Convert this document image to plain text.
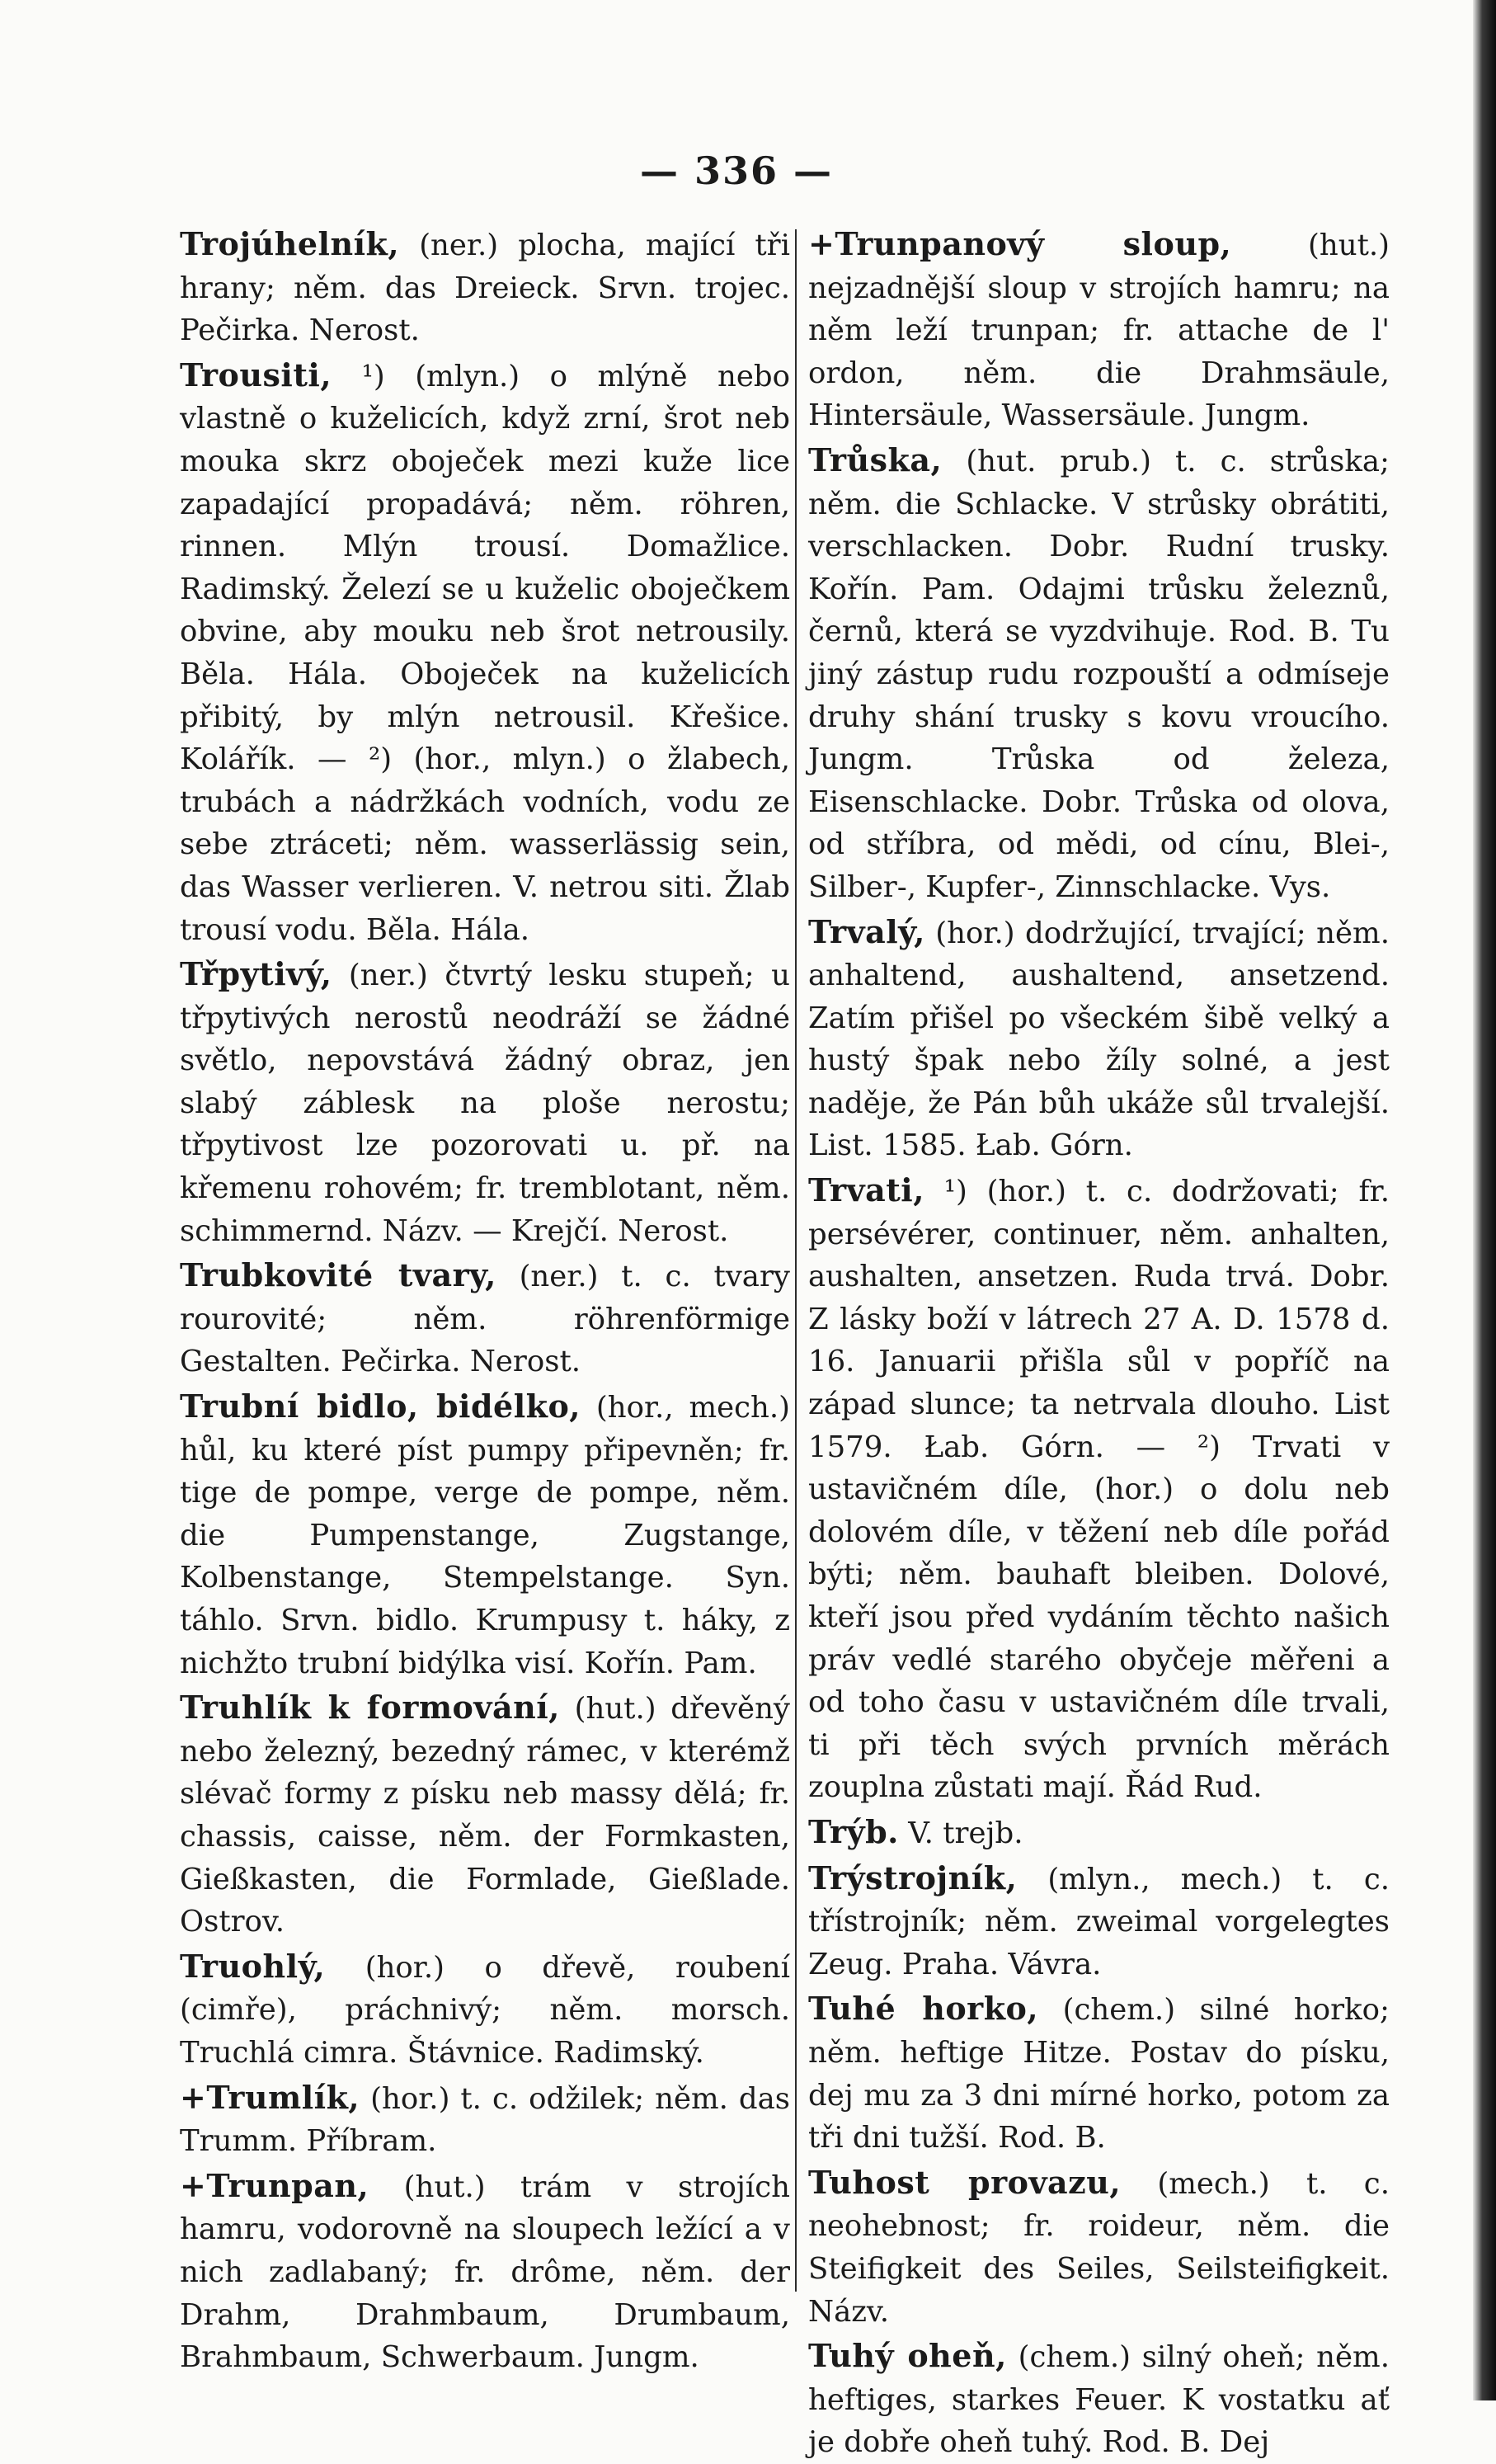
— 336 —

Trojúhelník, (ner.) plocha, mající tři hrany; něm. das Dreieck. Srvn. trojec. Pečirka. Nerost.

Trousiti, ¹) (mlyn.) o mlýně nebo vlastně o kuželicích, když zrní, šrot neb mouka skrz oboječek mezi kuže lice zapadající propadává; něm. röhren, rinnen. Mlýn trousí. Domažlice. Radimský. Železí se u kuželic oboječkem obvine, aby mouku neb šrot netrousily. Běla. Hála. Oboječek na kuželicích přibitý, by mlýn netrousil. Křešice. Kolářík. — ²) (hor., mlyn.) o žlabech, trubách a nádržkách vodních, vodu ze sebe ztráceti; něm. wasserlässig sein, das Wasser verlieren. V. netrou siti. Žlab trousí vodu. Běla. Hála.

Třpytivý, (ner.) čtvrtý lesku stupeň; u třpytivých nerostů neodráží se žádné světlo, nepovstává žádný obraz, jen slabý záblesk na ploše nerostu; třpytivost lze pozorovati u. př. na křemenu rohovém; fr. tremblotant, něm. schimmernd. Názv. — Krejčí. Nerost.

Trubkovité tvary, (ner.) t. c. tvary rourovité; něm. röhrenförmige Gestalten. Pečirka. Nerost.

Trubní bidlo, bidélko, (hor., mech.) hůl, ku které píst pumpy připevněn; fr. tige de pompe, verge de pompe, něm. die Pumpenstange, Zugstange, Kolbenstange, Stempelstange. Syn. táhlo. Srvn. bidlo. Krumpusy t. háky, z nichžto trubní bidýlka visí. Kořín. Pam.

Truhlík k formování, (hut.) dřevěný nebo železný, bezedný rámec, v kterémž slévač formy z písku neb massy dělá; fr. chassis, caisse, něm. der Formkasten, Gießkasten, die Formlade, Gießlade. Ostrov.

Truohlý, (hor.) o dřevě, roubení (cimře), práchnivý; něm. morsch. Truchlá cimra. Štávnice. Radimský.

+Trumlík, (hor.) t. c. odžilek; něm. das Trumm. Příbram.

+Trunpan, (hut.) trám v strojích hamru, vodorovně na sloupech ležící a v nich zadlabaný; fr. drôme, něm. der Drahm, Drahmbaum, Drumbaum, Brahmbaum, Schwerbaum. Jungm.

+Trunpanový sloup,	(hut.) nejzadnější sloup v strojích hamru; na něm leží trunpan; fr. attache de l' ordon, něm. die Drahmsäule, Hintersäule, Wassersäule. Jungm.

Trůska, (hut. prub.) t. c. strůska; něm. die Schlacke. V strůsky obrátiti, verschlacken. Dobr. Rudní trusky. Kořín. Pam. Odajmi trůsku železnů, černů, která se vyzdvihuje. Rod. B. Tu jiný zástup rudu rozpouští a odmíseje druhy shání trusky s kovu vroucího. Jungm. Trůska od železa, Eisenschlacke. Dobr. Trůska od olova, od stříbra, od mědi, od cínu, Blei-, Silber-, Kupfer-, Zinnschlacke. Vys.

Trvalý, (hor.) dodržující, trvající; něm. anhaltend, aushaltend, ansetzend. Zatím přišel po všeckém šibě velký a hustý špak nebo žíly solné, a jest naděje, že Pán bůh ukáže sůl trvalejší. List. 1585. Łab. Górn.

Trvati, ¹) (hor.) t. c. dodržovati; fr. persévérer, continuer, něm. anhalten, aushalten, ansetzen. Ruda trvá. Dobr. Z lásky boží v látrech 27 A. D. 1578 d. 16. Januarii přišla sůl v popříč na západ slunce; ta netrvala dlouho. List 1579. Łab. Górn. — ²) Trvati v ustavičném díle, (hor.) o dolu neb dolovém díle, v těžení neb díle pořád býti; něm. bauhaft bleiben. Dolové, kteří jsou před vydáním těchto našich práv vedlé starého obyčeje měřeni a od toho času v ustavičném díle trvali, ti při těch svých prvních měrách zouplna zůstati mají. Řád Rud.

Trýb. V. trejb.

Trýstrojník, (mlyn., mech.) t. c. třístrojník; něm. zweimal vorgelegtes Zeug. Praha. Vávra.

Tuhé horko, (chem.) silné horko; něm. heftige Hitze. Postav do písku, dej mu za 3 dni mírné horko, potom za tři dni tužší. Rod. B.

Tuhost provazu, (mech.) t. c. neohebnost; fr. roideur, něm. die Steifigkeit des Seiles, Seilsteifigkeit. Názv.

Tuhý oheň, (chem.) silný oheň; něm. heftiges, starkes Feuer. K vostatku ať je dobře oheň tuhý. Rod. B. Dej
